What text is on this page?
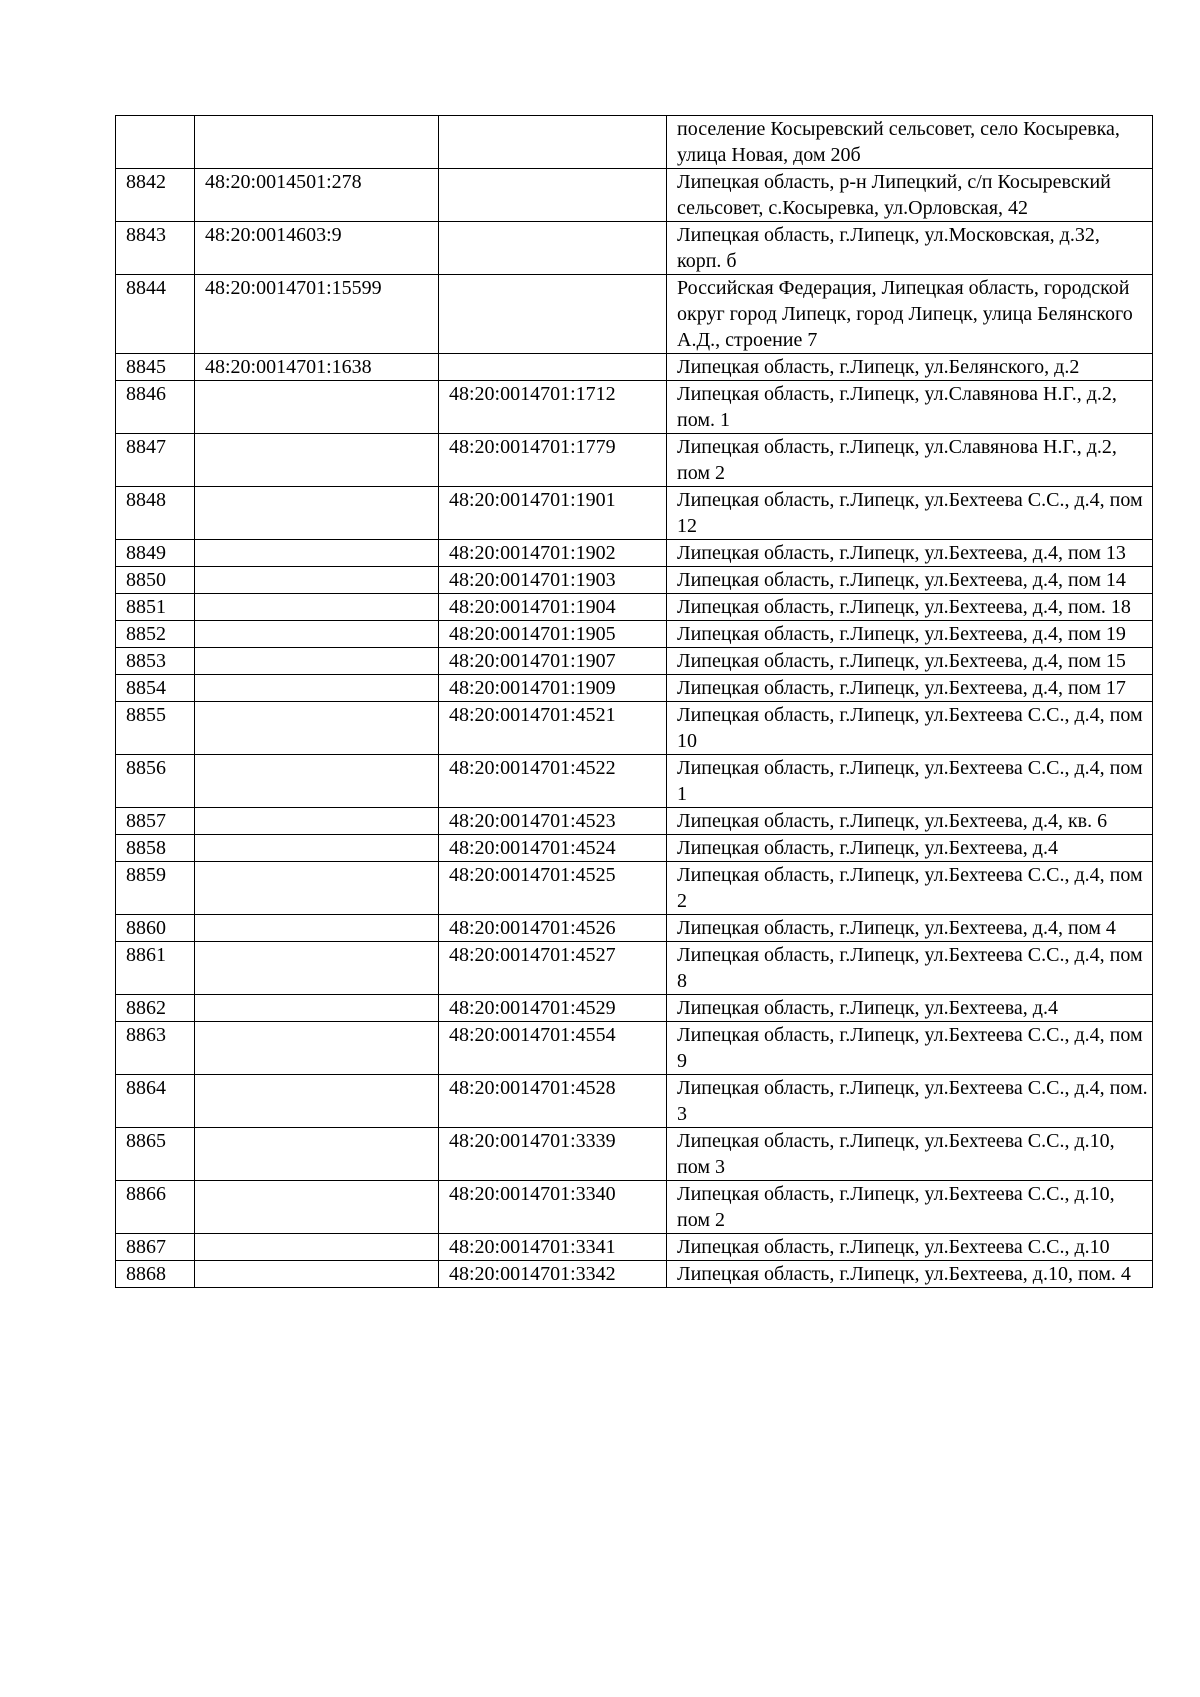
			поселение Косыревский сельсовет, село Косыревка, улица Новая, дом 20б
8842	48:20:0014501:278		Липецкая область, р-н Липецкий, с/п Косыревский сельсовет, с.Косыревка, ул.Орловская, 42
8843	48:20:0014603:9		Липецкая область, г.Липецк, ул.Московская, д.32, корп. б
8844	48:20:0014701:15599		Российская Федерация, Липецкая область, городской округ город Липецк, город Липецк, улица Белянского А.Д., строение 7
8845	48:20:0014701:1638		Липецкая область, г.Липецк, ул.Белянского, д.2
8846		48:20:0014701:1712	Липецкая область, г.Липецк, ул.Славянова Н.Г., д.2, пом. 1
8847		48:20:0014701:1779	Липецкая область, г.Липецк, ул.Славянова Н.Г., д.2, пом 2
8848		48:20:0014701:1901	Липецкая область, г.Липецк, ул.Бехтеева С.С., д.4, пом 12
8849		48:20:0014701:1902	Липецкая область, г.Липецк, ул.Бехтеева, д.4, пом 13
8850		48:20:0014701:1903	Липецкая область, г.Липецк, ул.Бехтеева, д.4, пом 14
8851		48:20:0014701:1904	Липецкая область, г.Липецк, ул.Бехтеева, д.4, пом. 18
8852		48:20:0014701:1905	Липецкая область, г.Липецк, ул.Бехтеева, д.4, пом 19
8853		48:20:0014701:1907	Липецкая область, г.Липецк, ул.Бехтеева, д.4, пом 15
8854		48:20:0014701:1909	Липецкая область, г.Липецк, ул.Бехтеева, д.4, пом 17
8855		48:20:0014701:4521	Липецкая область, г.Липецк, ул.Бехтеева С.С., д.4, пом 10
8856		48:20:0014701:4522	Липецкая область, г.Липецк, ул.Бехтеева С.С., д.4, пом 1
8857		48:20:0014701:4523	Липецкая область, г.Липецк, ул.Бехтеева, д.4, кв. 6
8858		48:20:0014701:4524	Липецкая область, г.Липецк, ул.Бехтеева, д.4
8859		48:20:0014701:4525	Липецкая область, г.Липецк, ул.Бехтеева С.С., д.4, пом 2
8860		48:20:0014701:4526	Липецкая область, г.Липецк, ул.Бехтеева, д.4, пом 4
8861		48:20:0014701:4527	Липецкая область, г.Липецк, ул.Бехтеева С.С., д.4, пом 8
8862		48:20:0014701:4529	Липецкая область, г.Липецк, ул.Бехтеева, д.4
8863		48:20:0014701:4554	Липецкая область, г.Липецк, ул.Бехтеева С.С., д.4, пом 9
8864		48:20:0014701:4528	Липецкая область, г.Липецк, ул.Бехтеева С.С., д.4, пом. 3
8865		48:20:0014701:3339	Липецкая область, г.Липецк, ул.Бехтеева С.С., д.10, пом 3
8866		48:20:0014701:3340	Липецкая область, г.Липецк, ул.Бехтеева С.С., д.10, пом 2
8867		48:20:0014701:3341	Липецкая область, г.Липецк, ул.Бехтеева С.С., д.10
8868		48:20:0014701:3342	Липецкая область, г.Липецк, ул.Бехтеева, д.10, пом. 4
